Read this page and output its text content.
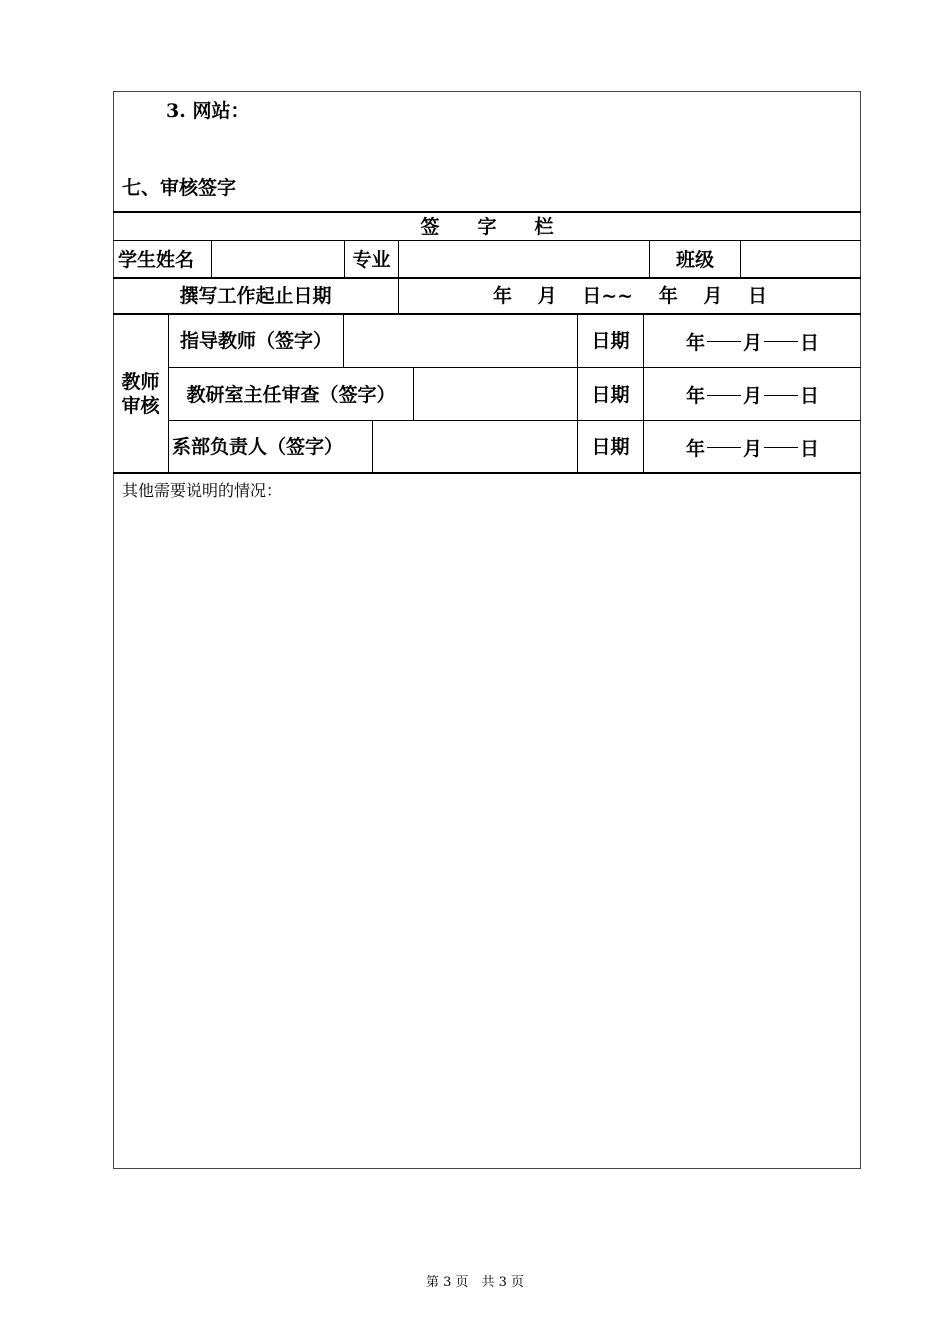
3. 网站：
七、审核签字
签　　字　　栏
学生姓名	专业	班级
撰写工作起止日期	年　 月　 日~~　 年　 月　 日
教师审核
指导教师（签字）	日期	年 月 日
教研室主任审查（签字）	日期	年 月 日
系部负责人（签字）	日期	年 月 日
其他需要说明的情况：
第 3 页　共 3 页
